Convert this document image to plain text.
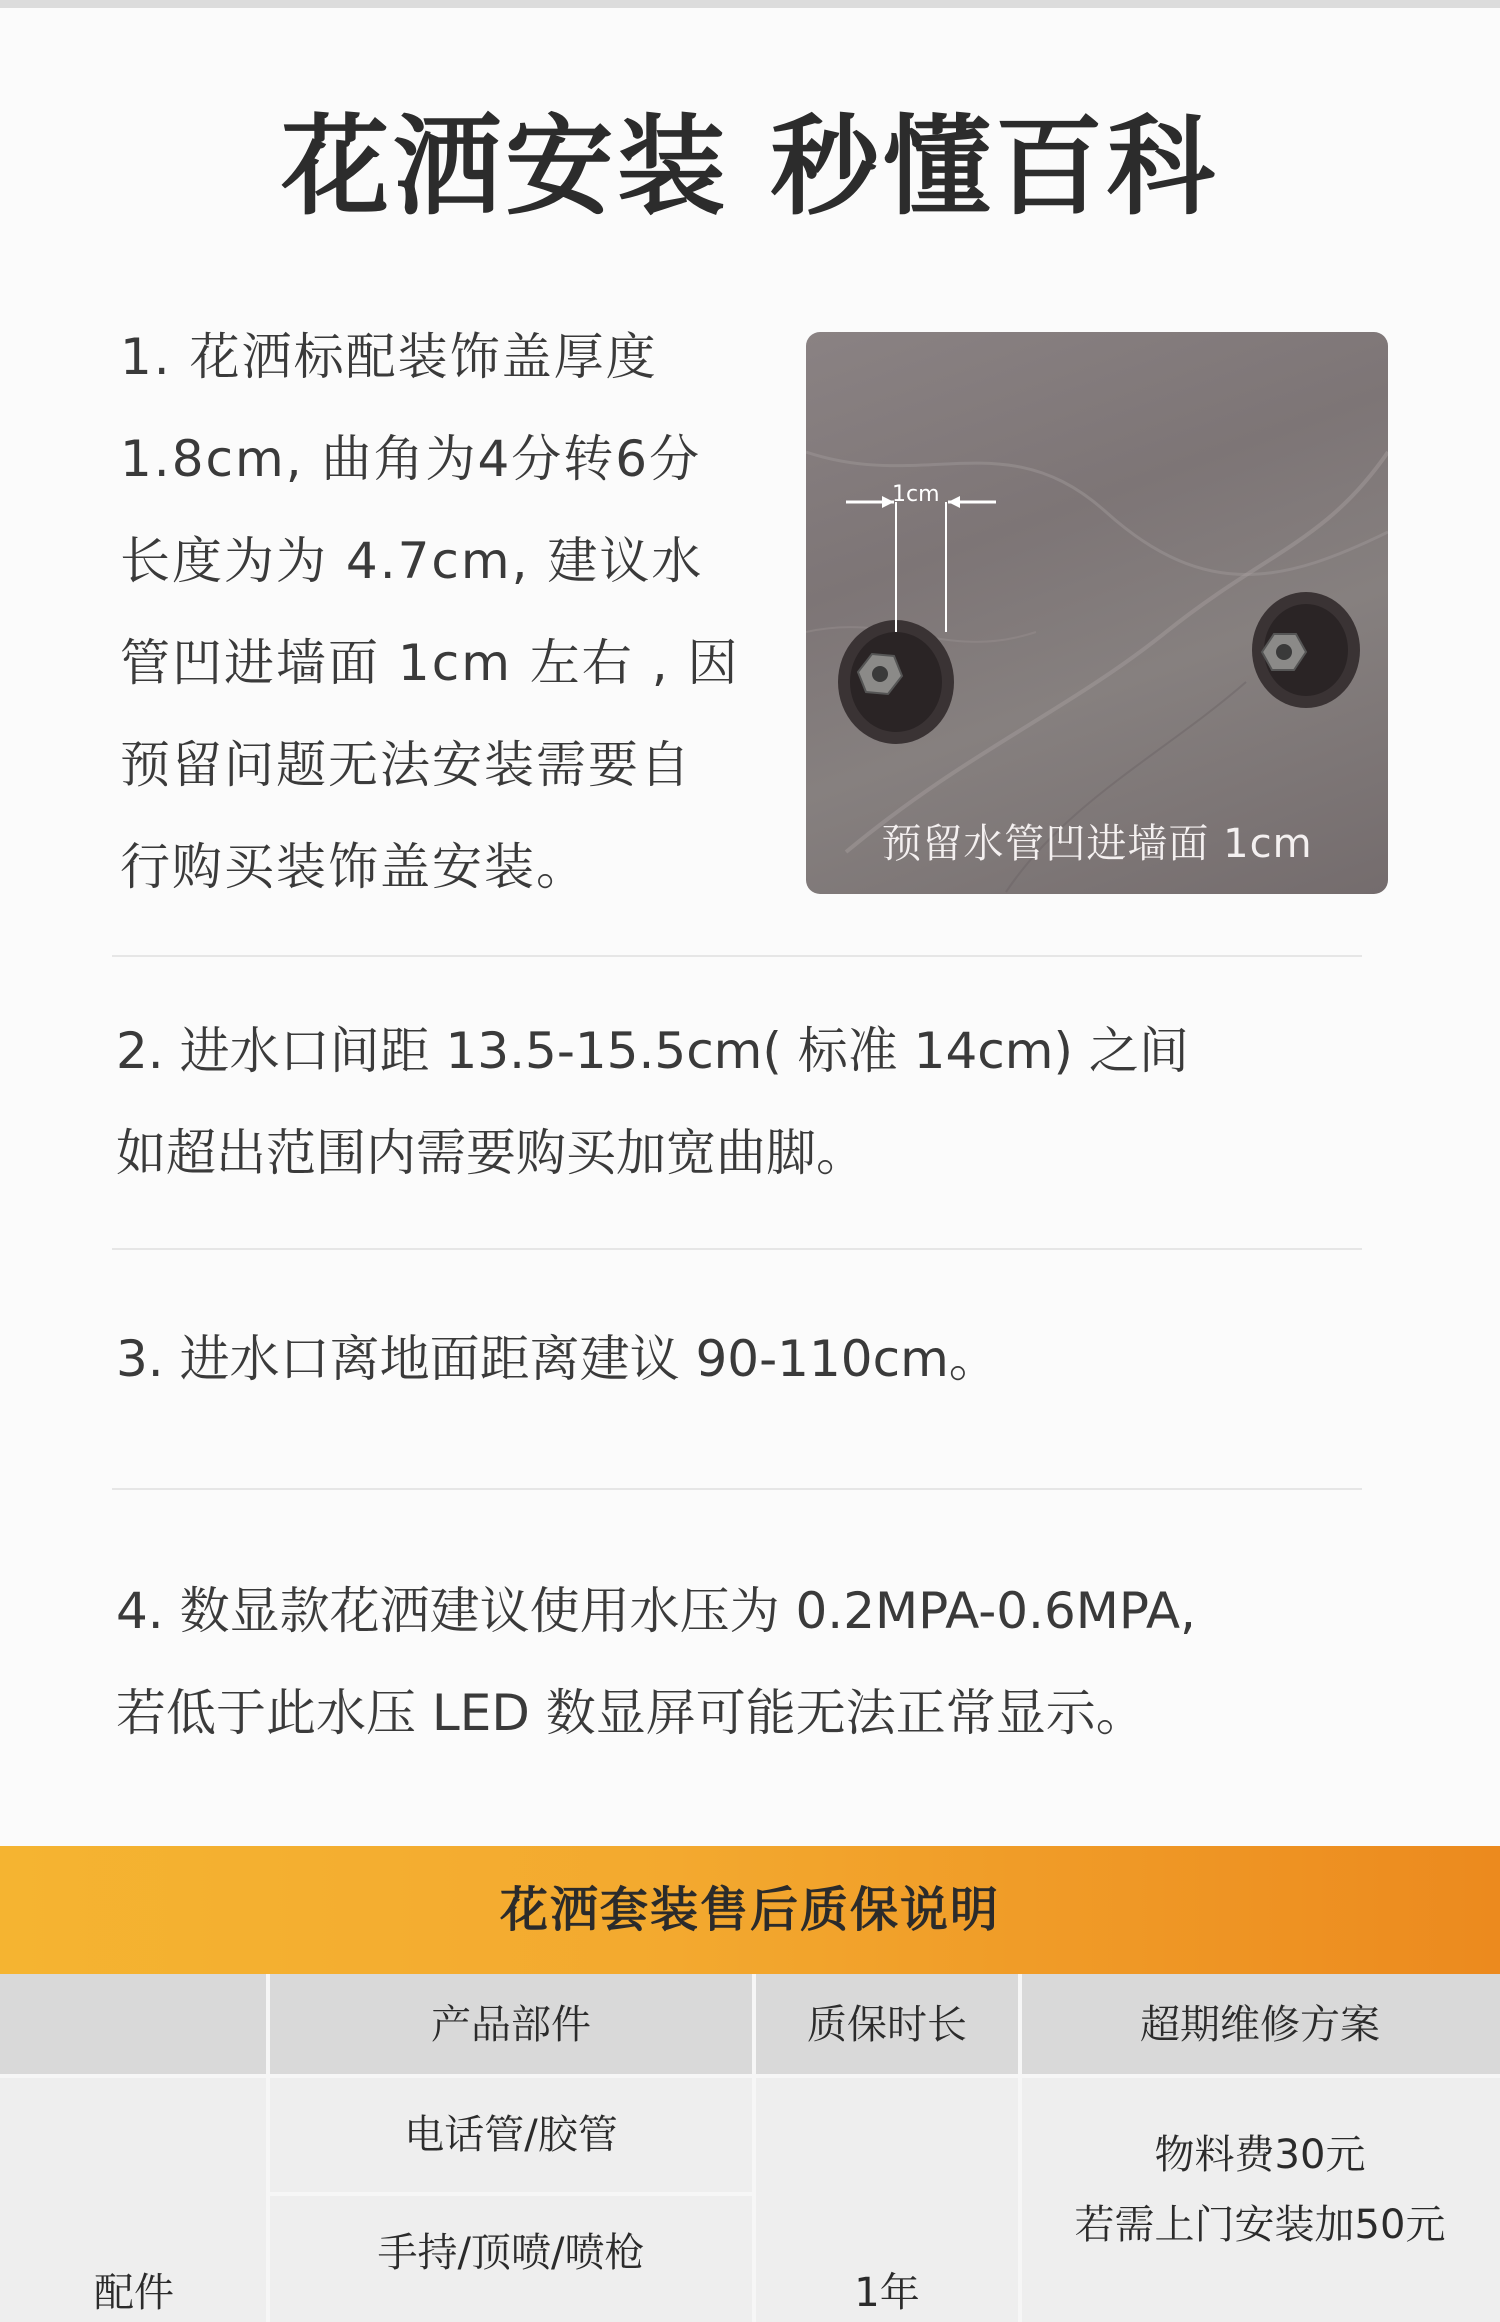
花洒安装 秒懂百科

1. 花洒标配装饰盖厚度
1.8cm, 曲角为4分转6分
长度为为 4.7cm, 建议水
管凹进墙面 1cm 左右 , 因
预留问题无法安装需要自
行购买装饰盖安装。

1cm
预留水管凹进墙面 1cm

2. 进水口间距 13.5-15.5cm( 标准 14cm) 之间
如超出范围内需要购买加宽曲脚。

3. 进水口离地面距离建议 90-110cm。

4. 数显款花洒建议使用水压为 0.2MPA-0.6MPA,
若低于此水压 LED 数显屏可能无法正常显示。

花洒套装售后质保说明
产品部件	质保时长	超期维修方案
配件
电话管/胶管
手持/顶喷/喷枪
1年
物料费30元
若需上门安装加50元
